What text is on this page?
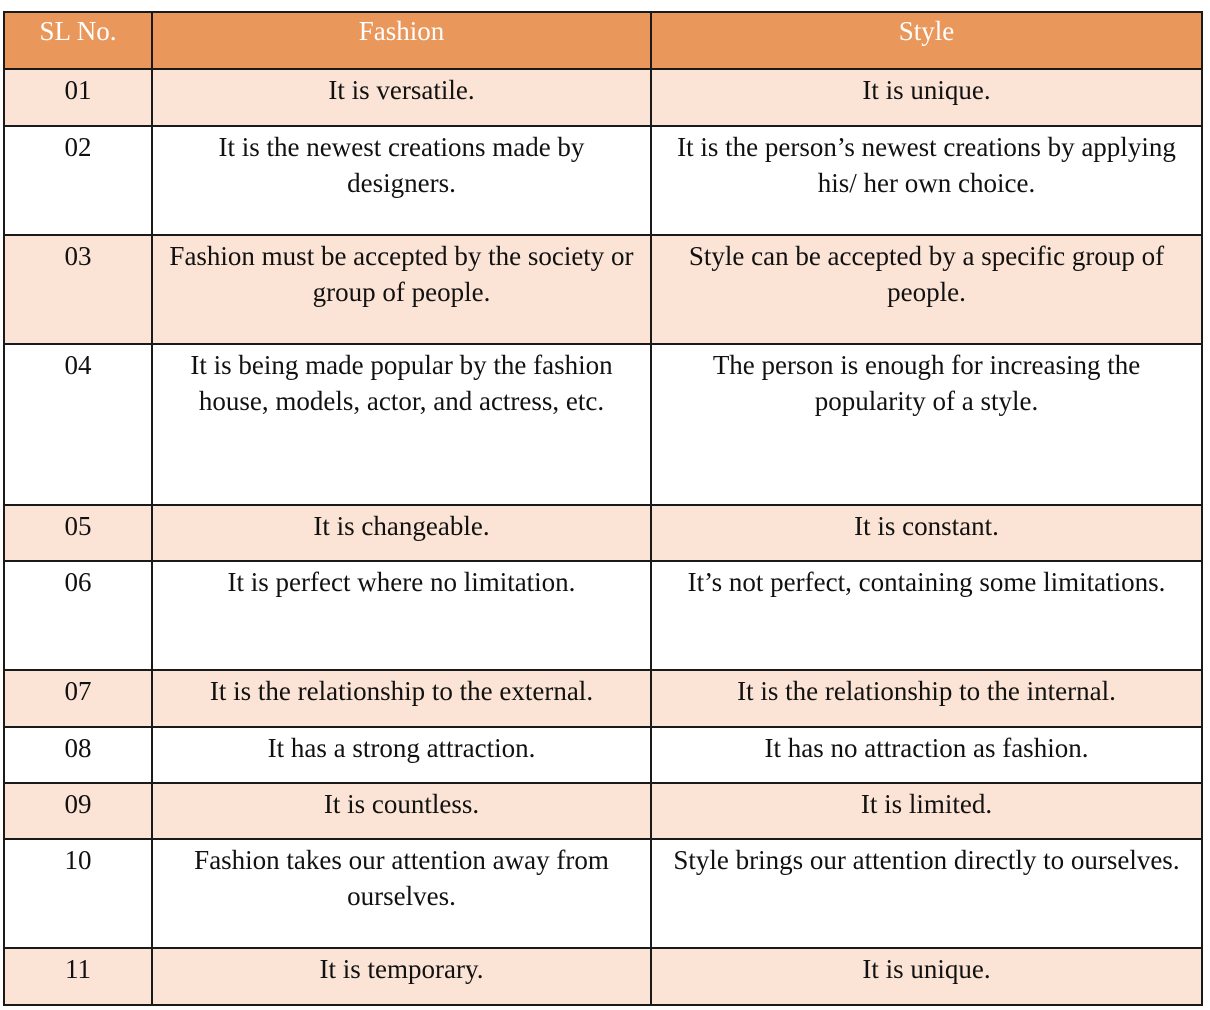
SL No.	Fashion	Style
01	It is versatile.	It is unique.
02	It is the newest creations made by designers.	It is the person’s newest creations by applying his/ her own choice.
03	Fashion must be accepted by the society or group of people.	Style can be accepted by a specific group of people.
04	It is being made popular by the fashion house, models, actor, and actress, etc.	The person is enough for increasing the popularity of a style.
05	It is changeable.	It is constant.
06	It is perfect where no limitation.	It’s not perfect, containing some limitations.
07	It is the relationship to the external.	It is the relationship to the internal.
08	It has a strong attraction.	It has no attraction as fashion.
09	It is countless.	It is limited.
10	Fashion takes our attention away from ourselves.	Style brings our attention directly to ourselves.
11	It is temporary.	It is unique.
